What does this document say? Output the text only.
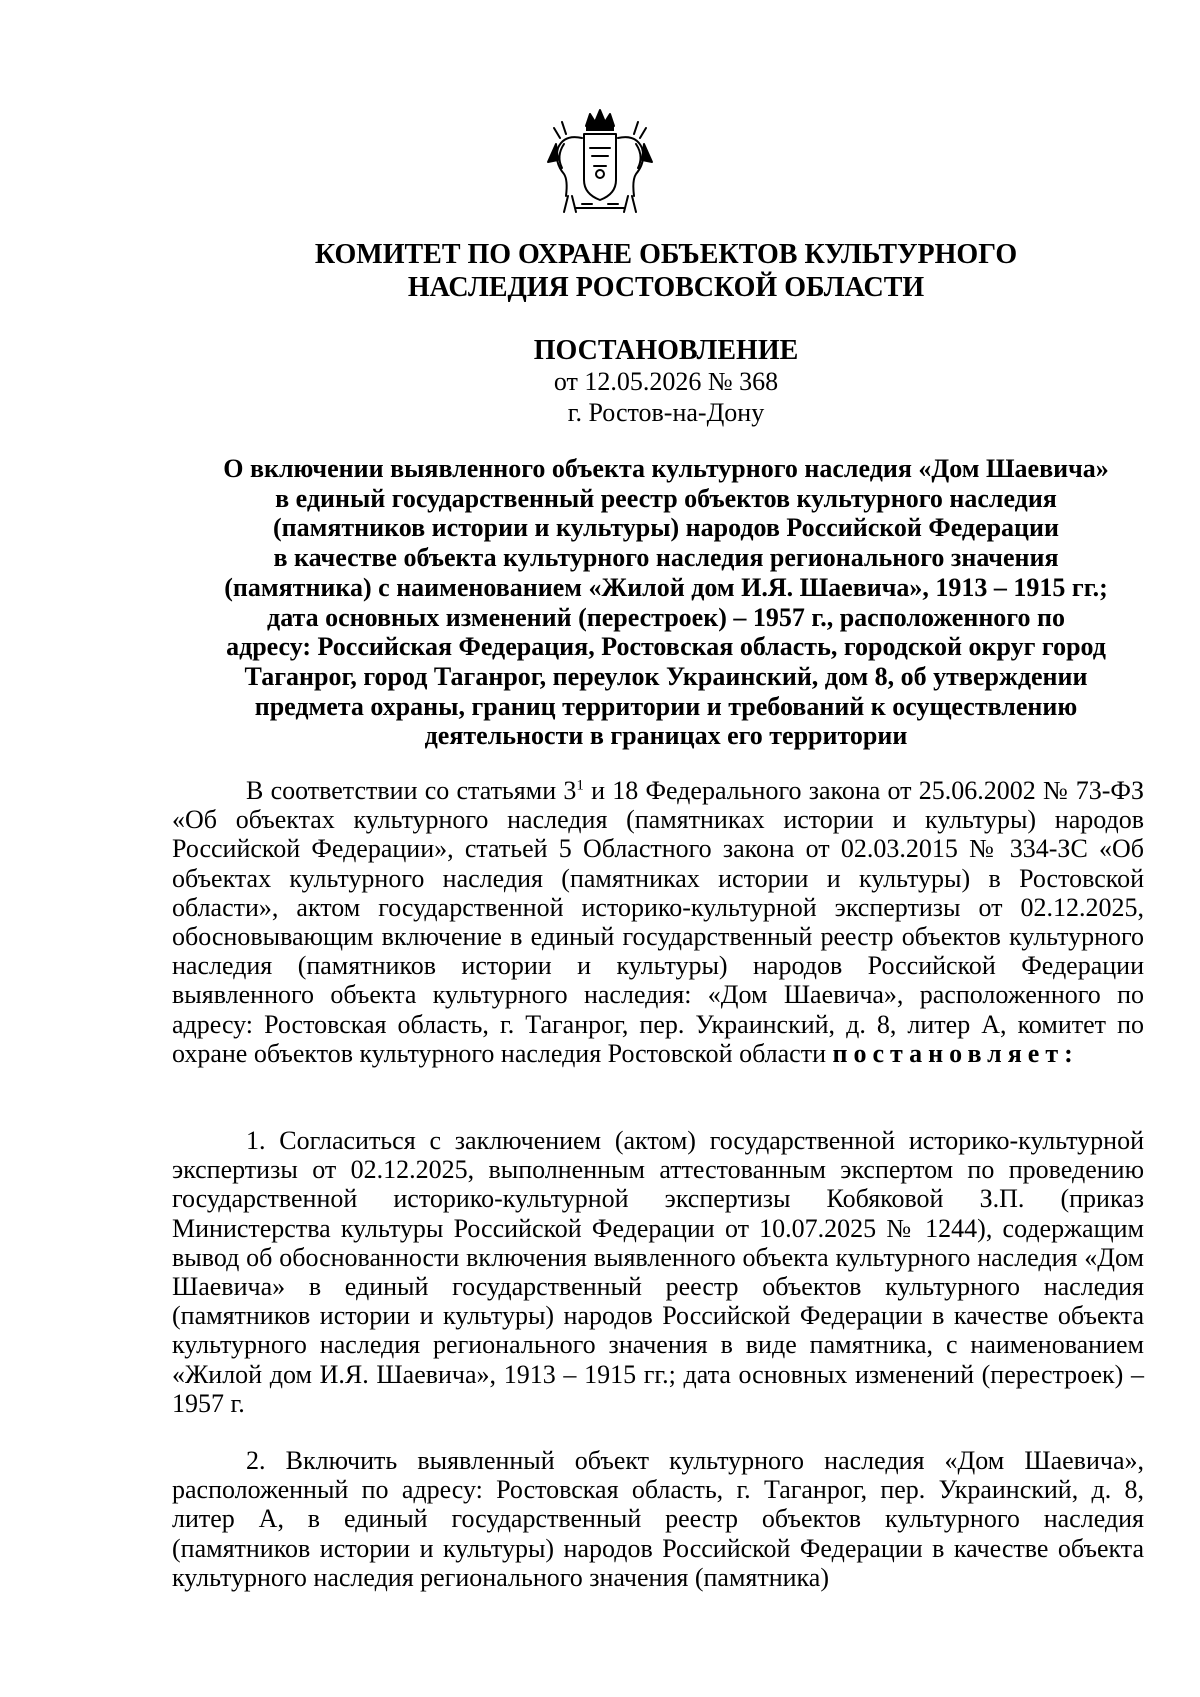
КОМИТЕТ ПО ОХРАНЕ ОБЪЕКТОВ КУЛЬТУРНОГО
НАСЛЕДИЯ РОСТОВСКОЙ ОБЛАСТИ
ПОСТАНОВЛЕНИЕ
от 12.05.2026 № 368
г. Ростов-на-Дону
О включении выявленного объекта культурного наследия «Дом Шаевича»
в единый государственный реестр объектов культурного наследия
(памятников истории и культуры) народов Российской Федерации
в качестве объекта культурного наследия регионального значения
(памятника) с наименованием «Жилой дом И.Я. Шаевича», 1913 – 1915 гг.;
дата основных изменений (перестроек) – 1957 г., расположенного по
адресу: Российская Федерация, Ростовская область, городской округ город
Таганрог, город Таганрог, переулок Украинский, дом 8, об утверждении
предмета охраны, границ территории и требований к осуществлению
деятельности в границах его территории

В соответствии со статьями $3^1$ и 18 Федерального закона от 25.06.2002 № 73-ФЗ «Об объектах культурного наследия (памятниках истории и культуры) народов Российской Федерации», статьей 5 Областного закона от 02.03.2015 № 334-ЗС «Об объектах культурного наследия (памятниках истории и культуры) в Ростовской области», актом государственной историко-культурной экспертизы от 02.12.2025, обосновывающим включение в единый государственный реестр объектов культурного наследия (памятников истории и культуры) народов Российской Федерации выявленного объекта культурного наследия: «Дом Шаевича», расположенного по адресу: Ростовская область, г. Таганрог, пер. Украинский, д. 8, литер А, комитет по охране объектов культурного наследия Ростовской области постановляет:

1. Согласиться с заключением (актом) государственной историко-культурной экспертизы от 02.12.2025, выполненным аттестованным экспертом по проведению государственной историко-культурной экспертизы Кобяковой З.П. (приказ Министерства культуры Российской Федерации от 10.07.2025 № 1244), содержащим вывод об обоснованности включения выявленного объекта культурного наследия «Дом Шаевича» в единый государственный реестр объектов культурного наследия (памятников истории и культуры) народов Российской Федерации в качестве объекта культурного наследия регионального значения в виде памятника, с наименованием «Жилой дом И.Я. Шаевича», 1913 – 1915 гг.; дата основных изменений (перестроек) – 1957 г.

2. Включить выявленный объект культурного наследия «Дом Шаевича», расположенный по адресу: Ростовская область, г. Таганрог, пер. Украинский, д. 8, литер А, в единый государственный реестр объектов культурного наследия (памятников истории и культуры) народов Российской Федерации в качестве объекта культурного наследия регионального значения (памятника)
